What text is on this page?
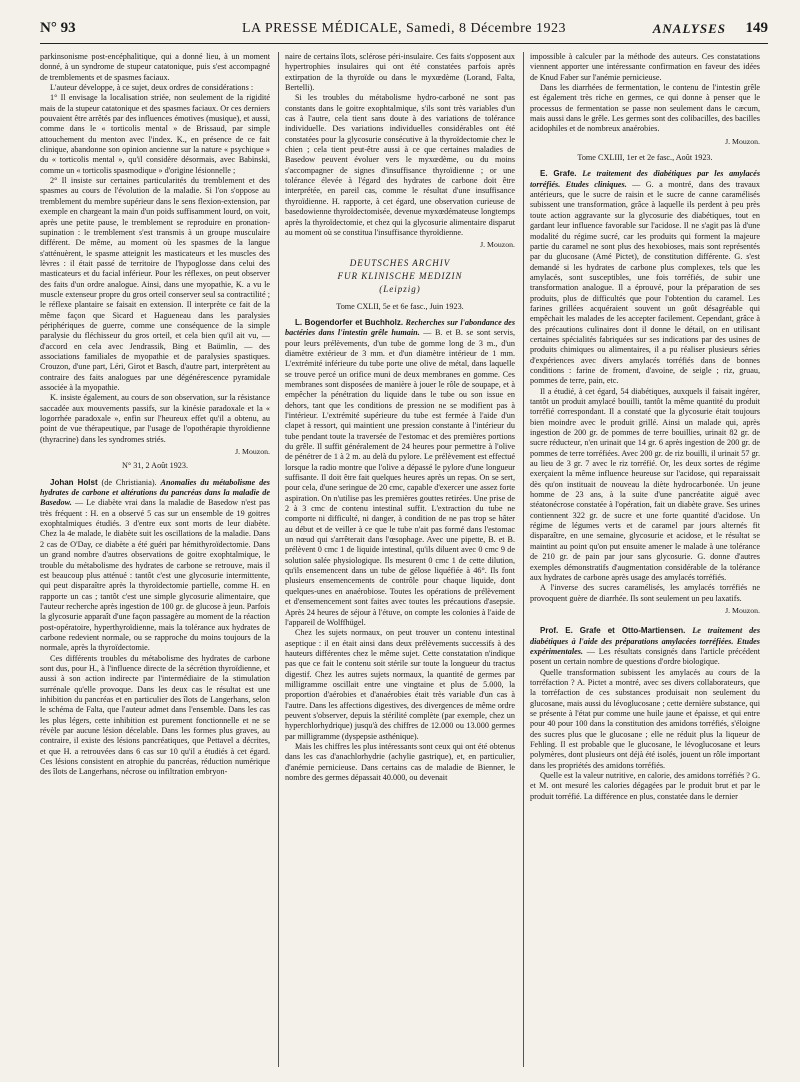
N° 93	LA PRESSE MÉDICALE, Samedi, 8 Décembre 1923	ANALYSES 149

parkinsonisme post-encéphalitique, qui a donné lieu, à un moment donné, à un syndrome de stupeur catatonique, puis s'est accompagné de tremblements et de spasmes faciaux.

L'auteur développe, à ce sujet, deux ordres de considérations :

1° Il envisage la localisation striée, non seulement de la rigidité mais de la stupeur catatonique et des spasmes faciaux. Or ces derniers pouvaient être arrêtés par des influences émotives (musique), et aussi, comme dans le « torticolis mental » de Brissaud, par simple attouchement du menton avec l'index. K., en présence de ce fait clinique, abandonne son opinion ancienne sur la nature « psychique » du « torticolis mental », qu'il considère désormais, avec Babinski, comme un « torticolis spasmodique » d'origine lésionnelle ;

2° Il insiste sur certaines particularités du tremblement et des spasmes au cours de l'évolution de la maladie. Si l'on s'oppose au tremblement du membre supérieur dans le sens flexion-extension, par exemple en chargeant la main d'un poids suffisamment lourd, on voit, après une petite pause, le tremblement se reproduire en pronation-supination : le tremblement s'est transmis à un groupe musculaire différent. De même, au moment où les spasmes de la langue s'atténuèrent, le spasme atteignit les masticateurs et les muscles des lèvres : il était passé de territoire de l'hypoglosse dans celui des masticateurs et du facial inférieur. Pour les réflexes, on peut observer des faits d'un ordre analogue. Ainsi, dans une myopathie, K. a vu le muscle extenseur propre du gros orteil conserver seul sa contractilité ; le réflexe plantaire se faisait en extension. Il interprète ce fait de la même façon que Sicard et Hagueneau dans les paralysies périphériques de guerre, comme une conséquence de la simple paralysie du fléchisseur du gros orteil, et cela bien qu'il ait vu, — d'accord en cela avec Jendrassik, Bing et Baümlin, — des associations familiales de myopathie et de paralysies spastiques. Crouzon, d'une part, Léri, Girot et Basch, d'autre part, interprètent au contraire des faits analogues par une dégénérescence pyramidale associée à la myopathie.

K. insiste également, au cours de son observation, sur la résistance saccadée aux mouvements passifs, sur la kinésie paradoxale et la « logorrhée paradoxale », enfin sur l'heureux effet qu'il a obtenu, au point de vue thérapeutique, par l'usage de l'opothérapie thyroïdienne (thyracrine) dans les syndromes striés.

J. Mouzon.

N° 31, 2 Août 1923.

Johan Holst (de Christiania). Anomalies du métabolisme des hydrates de carbone et altérations du pancréas dans la maladie de Basedow. — Le diabète vrai dans la maladie de Basedow n'est pas très fréquent : H. en a observé 5 cas sur un ensemble de 19 goitres exophtalmiques étudiés. 3 d'entre eux sont morts de leur diabète. Chez la 4e malade, le diabète suit les oscillations de la maladie. Dans 2 cas de O'Day, ce diabète a été guéri par hémithyroïdectomie. Dans un grand nombre d'autres observations de goitre exophtalmique, le trouble du métabolisme des hydrates de carbone se retrouve, mais il est beaucoup plus atténué : tantôt c'est une glycosurie intermittente, qui peut disparaître après la thyroïdectomie partielle, comme H. en rapporte un cas ; tantôt c'est une simple glycosurie alimentaire, que l'auteur recherche après ingestion de 100 gr. de glucose à jeun. Parfois la glycosurie apparaît d'une façon passagère au moment de la réaction post-opératoire, hyperthyroïdienne, mais la tolérance aux hydrates de carbone redevient normale, ou se rapproche du moins toujours de la normale, après la thyroïdectomie.

Ces différents troubles du métabolisme des hydrates de carbone sont dus, pour H., à l'influence directe de la sécrétion thyroïdienne, et aussi à son action indirecte par l'intermédiaire de la stimulation surrénale qu'elle provoque. Dans les deux cas le résultat est une inhibition du pancréas et en particulier des îlots de Langerhans, selon le schéma de Falta, que l'auteur admet dans l'ensemble. Dans les cas les plus légers, cette inhibition est purement fonctionnelle et ne se révèle par aucune lésion décelable. Dans les formes plus graves, au contraire, il existe des lésions pancréatiques, que Pettavel a décrites, et que H. a retrouvées dans 6 cas sur 10 qu'il a étudiés à cet égard. Ces lésions consistent en atrophie du pancréas, réduction numérique des îlots de Langerhans, nécrose ou infiltration embryon-

naire de certains îlots, sclérose péri-insulaire. Ces faits s'opposent aux hypertrophies insulaires qui ont été constatées parfois après extirpation de la thyroïde ou dans le myxœdème (Lorand, Falta, Bertelli).

Si les troubles du métabolisme hydro-carboné ne sont pas constants dans le goitre exophtalmique, s'ils sont très variables d'un cas à l'autre, cela tient sans doute à des variations de tolérance individuelle. Des variations individuelles considérables ont été constatées pour la glycosurie consécutive à la thyroïdectomie chez le chien ; cela tient peut-être aussi à ce que certaines maladies de Basedow peuvent évoluer vers le myxœdème, ou du moins s'accompagner de signes d'insuffisance thyroïdienne ; or une tolérance élevée à l'égard des hydrates de carbone doit être interprétée, en pareil cas, comme le résultat d'une insuffisance thyroïdienne. H. rapporte, à cet égard, une observation curieuse de basedowienne thyroïdectomisée, devenue myxœdémateuse longtemps après la thyroïdectomie, et chez qui la glycosurie alimentaire disparut au moment où se constitua l'insuffisance thyroïdienne.

J. Mouzon.
DEUTSCHES ARCHIV
FUR KLINISCHE MEDIZIN
(Leipzig)

Tome CXLII, 5e et 6e fasc., Juin 1923.

L. Bogendorfer et Buchholz. Recherches sur l'abondance des bactéries dans l'intestin grêle humain. — B. et B. se sont servis, pour leurs prélèvements, d'un tube de gomme long de 3 m., d'un diamètre extérieur de 3 mm. et d'un diamètre intérieur de 1 mm. L'extrémité inférieure du tube porte une olive de métal, dans laquelle se trouve percé un orifice muni de deux membranes en gomme. Ces membranes sont disposées de manière à jouer le rôle de soupape, et à empêcher la pénétration du liquide dans le tube ou son issue en dehors, tant que les conditions de pression ne se modifient pas à l'intérieur. L'extrémité supérieure du tube est fermée à l'aide d'un clapet à ressort, qui maintient une pression constante à l'intérieur du tube pendant toute la traversée de l'estomac et des premières portions du grêle. Il suffit généralement de 24 heures pour permettre à l'olive de pénétrer de 1 à 2 m. au delà du pylore. Le prélèvement est effectué lorsque la radio montre que l'olive a dépassé le pylore d'une longueur suffisante. Il doit être fait quelques heures après un repas. On se sert, pour cela, d'une seringue de 20 cmc, capable d'exercer une assez forte aspiration. On n'utilise pas les premières gouttes retirées. Une prise de 2 à 3 cmc de contenu intestinal suffit. L'extraction du tube ne comporte ni difficulté, ni danger, à condition de ne pas trop se hâter au début et de veiller à ce que le tube n'ait pas formé dans l'estomac un nœud qui s'arrêterait dans l'œsophage. Avec une pipette, B. et B. prélèvent 0 cmc 1 de liquide intestinal, qu'ils diluent avec 0 cmc 9 de solution salée physiologique. Ils mesurent 0 cmc 1 de cette dilution, qu'ils ensemencent dans un tube de gélose liquéfiée à 46°. Ils font plusieurs ensemencements de contrôle pour chaque liquide, dont quelques-unes en anaérobiose. Toutes les opérations de prélèvement et d'ensemencement sont faites avec toutes les précautions d'asepsie. Après 24 heures de séjour à l'étuve, on compte les colonies à l'aide de l'appareil de Wolffhügel.

Chez les sujets normaux, on peut trouver un contenu intestinal aseptique : il en était ainsi dans deux prélèvements successifs à des hauteurs différentes chez le même sujet. Cette constatation n'indique pas que ce fait le contenu soit stérile sur toute la longueur du tractus digestif. Chez les autres sujets normaux, la quantité de germes par milligramme oscillait entre une vingtaine et plus de 5.000, la proportion d'aérobies et d'anaérobies était très variable d'un cas à l'autre. Dans les affections digestives, des divergences de même ordre peuvent s'observer, depuis la stérilité complète (par exemple, chez un hyperchlorhydrique) jusqu'à des chiffres de 12.000 ou 13.000 germes par milligramme (dyspepsie asthénique).

Mais les chiffres les plus intéressants sont ceux qui ont été obtenus dans les cas d'anachlorhydrie (achylie gastrique), et, en particulier, d'anémie pernicieuse. Dans certains cas de maladie de Bienner, le nombre des germes dépassait 40.000, ou devenait

impossible à calculer par la méthode des auteurs. Ces constatations viennent apporter une intéressante confirmation en faveur des idées de Knud Faber sur l'anémie pernicieuse.

Dans les diarrhées de fermentation, le contenu de l'intestin grêle est également très riche en germes, ce qui donne à penser que le processus de fermentation se passe non seulement dans le cæcum, mais aussi dans le grêle. Les germes sont des colibacilles, des bacilles acidophiles et de nombreux anaérobies.

J. Mouzon.

Tome CXLIII, 1er et 2e fasc., Août 1923.

E. Grafe. Le traitement des diabétiques par les amylacés torréfiés. Etudes cliniques. — G. a montré, dans des travaux antérieurs, que le sucre de raisin et le sucre de canne caramélisés subissent une transformation, grâce à laquelle ils perdent à peu près toute action aggravante sur la glycosurie des diabétiques, tout en gardant leur influence favorable sur l'acidose. Il ne s'agit pas là d'une modalité du régime sucré, car les produits qui forment la majeure partie du caramel ne sont plus des hexobioses, mais sont représentés par du glucosane (Amé Pictet), de constitution différente. G. s'est demandé si les hydrates de carbone plus complexes, tels que les amylacés, sont susceptibles, une fois torréfiés, de subir une transformation analogue. Il a éprouvé, pour la préparation de ses produits, plus de difficultés que pour l'obtention du caramel. Les farines grillées acquéraient souvent un goût désagréable qui empêchait les malades de les accepter facilement. Cependant, grâce à des précautions culinaires dont il donne le détail, on en utilisant certaines spécialités fabriquées sur ses indications par des usines de produits chimiques ou alimentaires, il a pu réaliser plusieurs séries d'expériences avec divers amylacés torréfiés dans de bonnes conditions : farine de froment, d'avoine, de seigle ; riz, gruau, pommes de terre, pain, etc.

Il a étudié, à cet égard, 54 diabétiques, auxquels il faisait ingérer, tantôt un produit amylacé bouilli, tantôt la même quantité du produit torréfié correspondant. Il a constaté que la glycosurie était toujours bien moindre avec le produit grillé. Ainsi un malade qui, après ingestion de 200 gr. de pommes de terre bouillies, urinait 82 gr. de sucre réducteur, n'en urinait que 14 gr. 6 après ingestion de 200 gr. de pommes de terre torréfiées. Avec 200 gr. de riz bouilli, il urinait 57 gr. au lieu de 3 gr. 7 avec le riz torréfié. Or, les deux sortes de régime exerçaient la même influence heureuse sur l'acidose, qui reparaissait dès qu'on instituait de nouveau la diète hydrocarbonée. Un jeune homme de 23 ans, à la suite d'une pancréatite aiguë avec stéatonécrose constatée à l'opération, fait un diabète grave. Ses urines contiennent 322 gr. de sucre et une forte quantité d'acidose. Un régime de légumes verts et de caramel par jours alternés fit disparaître, en une semaine, glycosurie et acidose, et le résultat se maintint au point qu'on put ensuite amener le malade à une tolérance de 210 gr. de pain par jour sans glycosurie. G. donne d'autres exemples démonstratifs d'augmentation considérable de la tolérance aux hydrates de carbone après usage des amylacés torréfiés.

A l'inverse des sucres caramélisés, les amylacés torréfiés ne provoquent guère de diarrhée. Ils sont seulement un peu laxatifs.

J. Mouzon.

Prof. E. Grafe et Otto-Martiensen. Le traitement des diabétiques à l'aide des préparations amylacées torréfiées. Etudes expérimentales. — Les résultats consignés dans l'article précédent posent un certain nombre de questions d'ordre biologique.

Quelle transformation subissent les amylacés au cours de la torréfaction ? A. Pictet a montré, avec ses divers collaborateurs, que la torréfaction de ces substances produisait non seulement du glucosane, mais aussi du lévoglucosane ; cette dernière substance, qui se présente à l'état pur comme une huile jaune et épaisse, et qui entre pour 40 pour 100 dans la constitution des amidons torréfiés, s'éloigne des sucres plus que le glucosane ; elle ne réduit plus la liqueur de Fehling. Il est probable que le glucosane, le lévoglucosane et leurs polymères, dont plusieurs ont déjà été isolés, jouent un rôle important dans les propriétés des amidons torréfiés.

Quelle est la valeur nutritive, en calorie, des amidons torréfiés ? G. et M. ont mesuré les calories dégagées par le produit brut et par le produit torréfié. La différence en plus, constatée dans le dernier
